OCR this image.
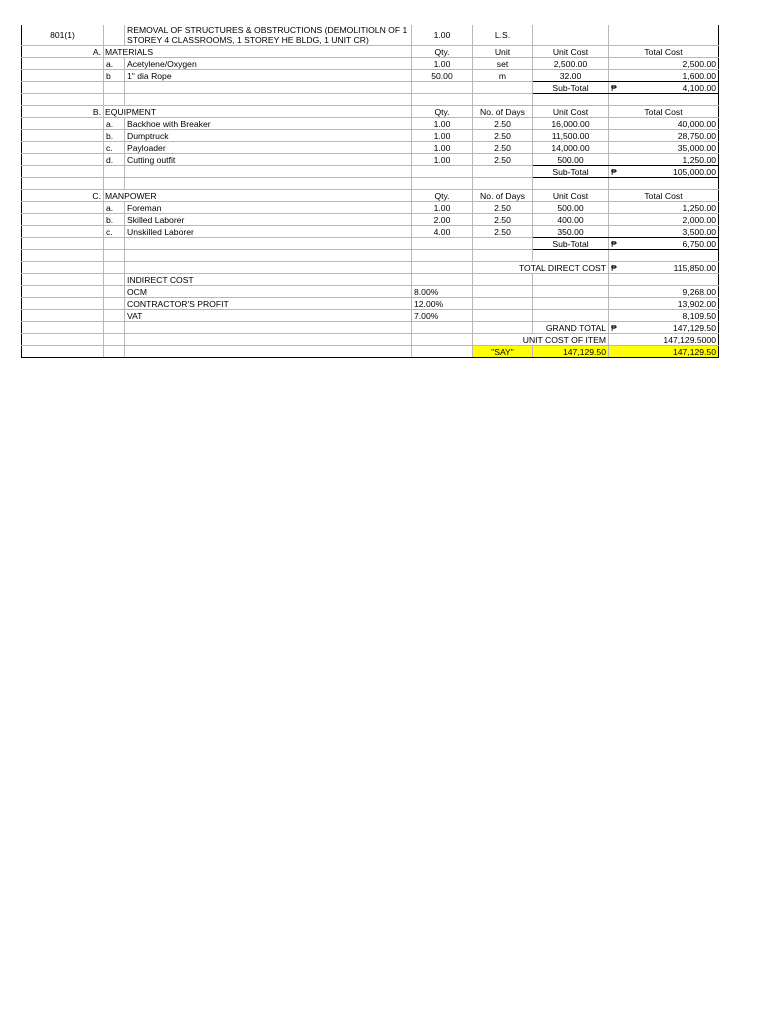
801(1)		REMOVAL OF STRUCTURES & OBSTRUCTIONS (DEMOLITIOLN OF 1 STOREY 4 CLASSROOMS, 1 STOREY HE BLDG, 1 UNIT CR)	1.00	L.S.			
A.	MATERIALS		Qty.	Unit	Unit Cost	Total Cost	
	a.	Acetylene/Oxygen	1.00	set	2,500.00	2,500.00	
	b	1" dia Rope	50.00	m	32.00	1,600.00	
					Sub-Total	₱	4,100.00

B.	EQUIPMENT		Qty.	No. of Days	Unit Cost	Total Cost	
	a.	Backhoe with Breaker	1.00	2.50	16,000.00	40,000.00	
	b.	Dumptruck	1.00	2.50	11,500.00	28,750.00	
	c.	Payloader	1.00	2.50	14,000.00	35,000.00	
	d.	Cutting outfit	1.00	2.50	500.00	1,250.00	
					Sub-Total	₱	105,000.00

C.	MANPOWER		Qty.	No. of Days	Unit Cost	Total Cost	
	a.	Foreman	1.00	2.50	500.00	1,250.00	
	b.	Skilled Laborer	2.00	2.50	400.00	2,000.00	
	c.	Unskilled Laborer	4.00	2.50	350.00	3,500.00	
					Sub-Total	₱	6,750.00

				TOTAL DIRECT COST		₱	115,850.00
		INDIRECT COST					
		OCM	8.00%			9,268.00	
		CONTRACTOR'S PROFIT	12.00%			13,902.00	
		VAT	7.00%			8,109.50	
					GRAND TOTAL	₱	147,129.50
				UNIT COST OF ITEM		147,129.5000	
				"SAY"	147,129.50	147,129.50	
